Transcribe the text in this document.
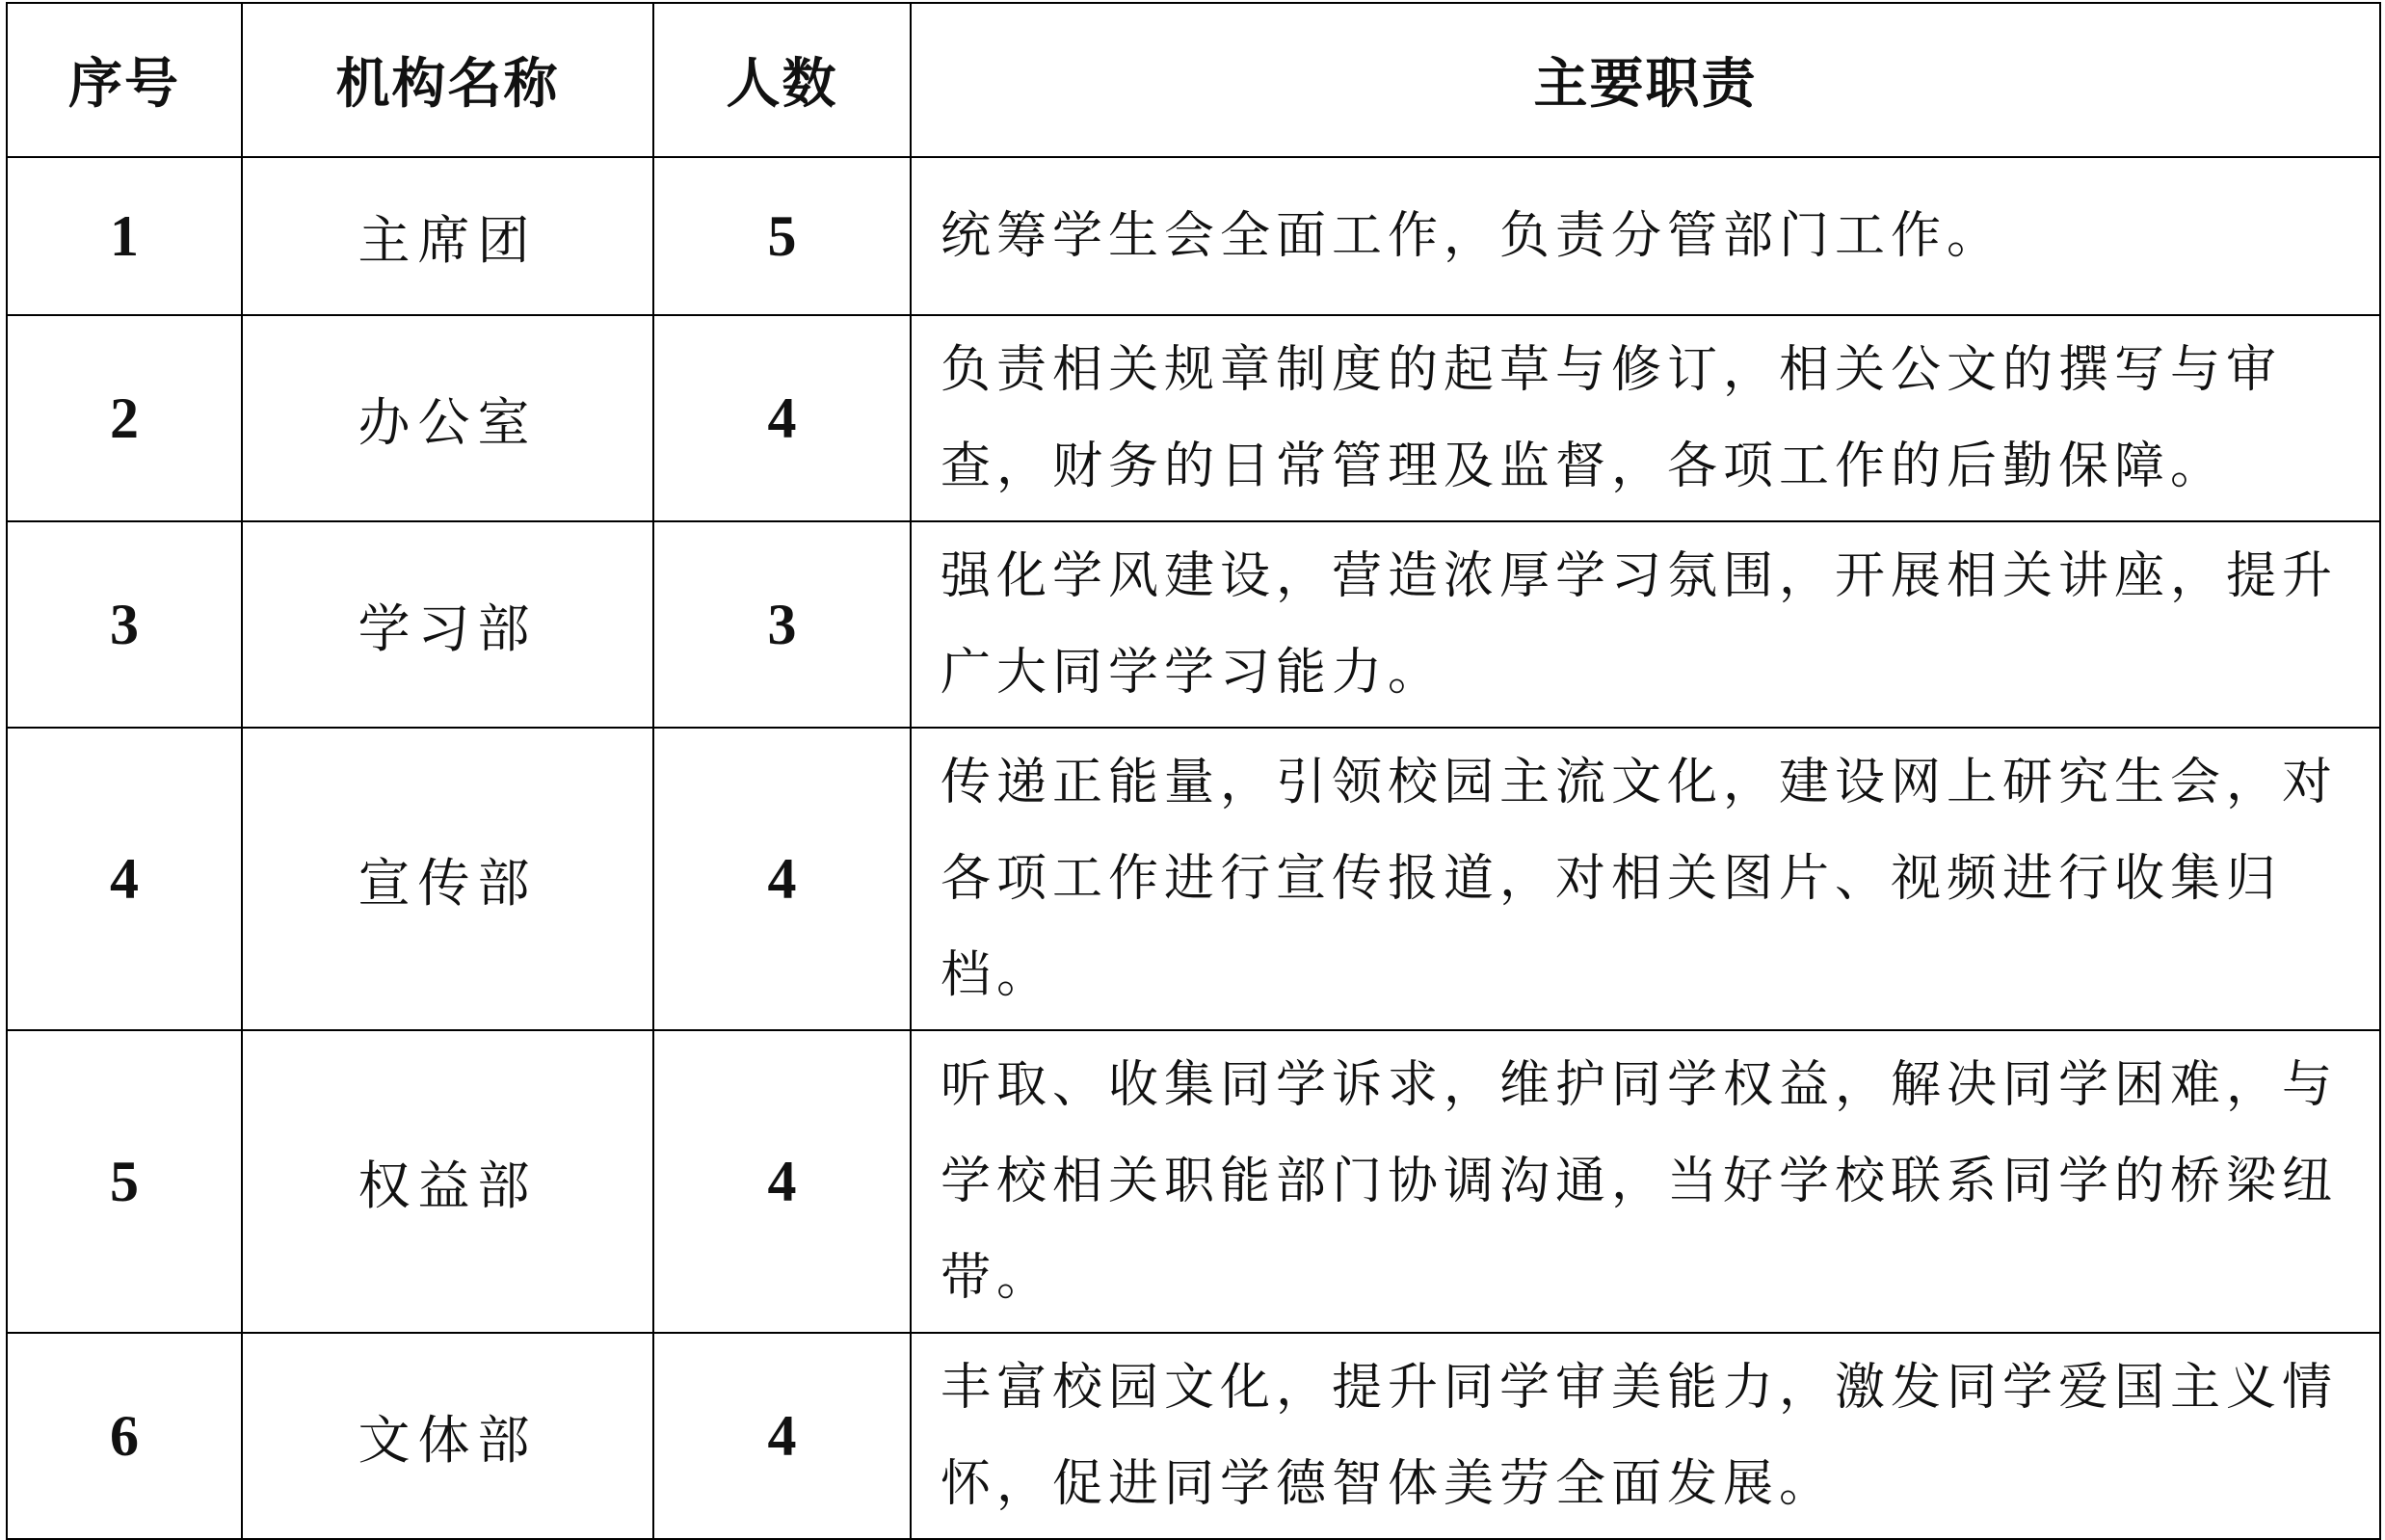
序号	机构名称	人数	主要职责
1	主席团	5	统筹学生会全面工作，负责分管部门工作。
2	办公室	4	负责相关规章制度的起草与修订，相关公文的撰写与审查，财务的日常管理及监督，各项工作的后勤保障。
3	学习部	3	强化学风建设，营造浓厚学习氛围，开展相关讲座，提升广大同学学习能力。
4	宣传部	4	传递正能量，引领校园主流文化，建设网上研究生会，对各项工作进行宣传报道，对相关图片、视频进行收集归档。
5	权益部	4	听取、收集同学诉求，维护同学权益，解决同学困难，与学校相关职能部门协调沟通，当好学校联系同学的桥梁纽带。
6	文体部	4	丰富校园文化，提升同学审美能力，激发同学爱国主义情怀，促进同学德智体美劳全面发展。
